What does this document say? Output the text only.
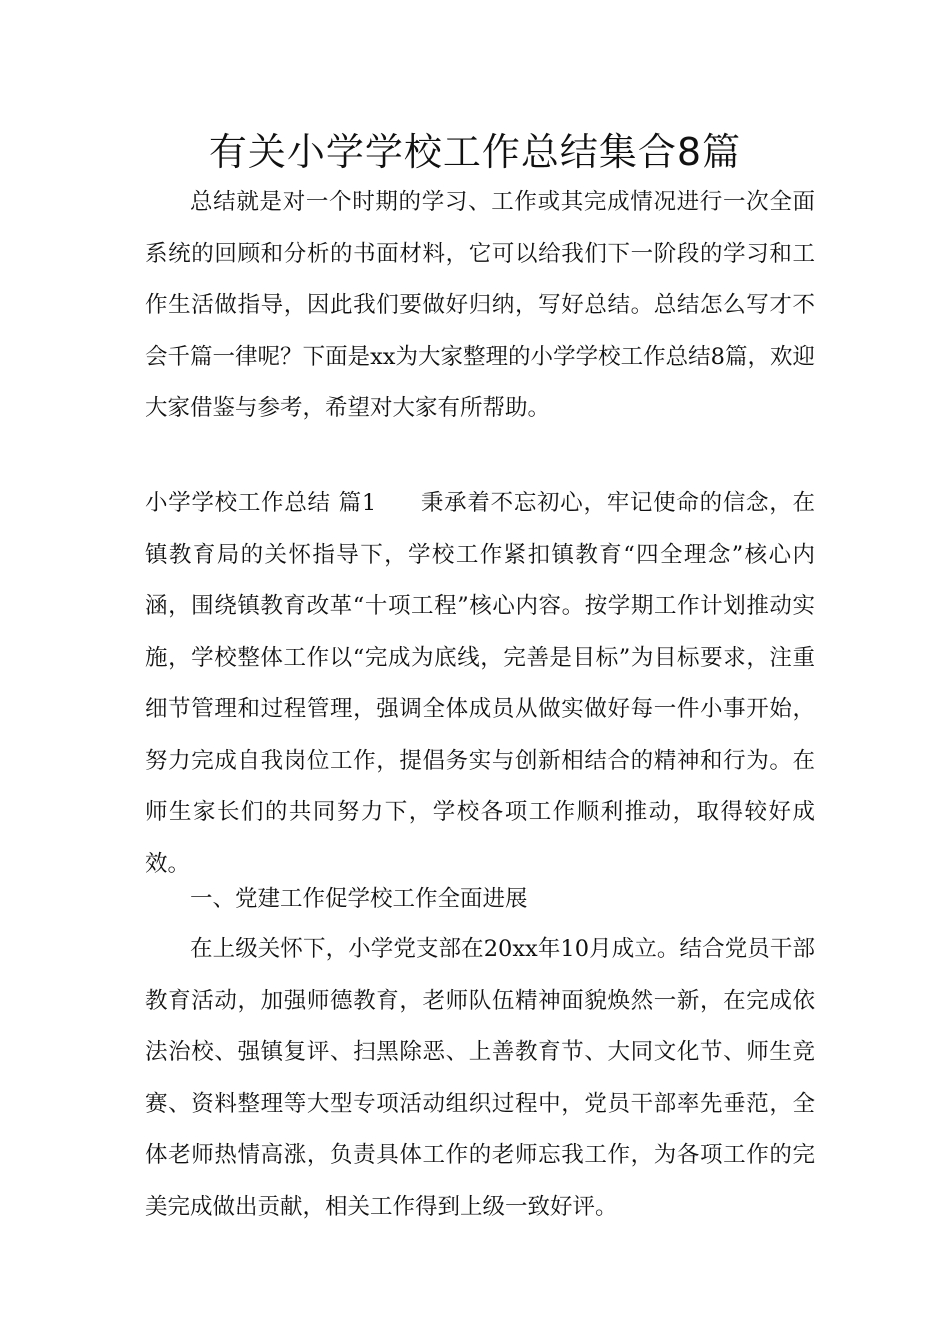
有关小学学校工作总结集合8篇

总结就是对一个时期的学习、工作或其完成情况进行一次全面系统的回顾和分析的书面材料，它可以给我们下一阶段的学习和工作生活做指导，因此我们要做好归纳，写好总结。总结怎么写才不会千篇一律呢？下面是xx为大家整理的小学学校工作总结8篇，欢迎大家借鉴与参考，希望对大家有所帮助。

小学学校工作总结 篇1 秉承着不忘初心，牢记使命的信念，在镇教育局的关怀指导下，学校工作紧扣镇教育“四全理念”核心内涵，围绕镇教育改革“十项工程”核心内容。按学期工作计划推动实施，学校整体工作以“完成为底线，完善是目标”为目标要求，注重细节管理和过程管理，强调全体成员从做实做好每一件小事开始，努力完成自我岗位工作，提倡务实与创新相结合的精神和行为。在师生家长们的共同努力下，学校各项工作顺利推动，取得较好成效。

一、党建工作促学校工作全面进展

在上级关怀下，小学党支部在20xx年10月成立。结合党员干部教育活动，加强师德教育，老师队伍精神面貌焕然一新，在完成依法治校、强镇复评、扫黑除恶、上善教育节、大同文化节、师生竞赛、资料整理等大型专项活动组织过程中，党员干部率先垂范，全体老师热情高涨，负责具体工作的老师忘我工作，为各项工作的完美完成做出贡献，相关工作得到上级一致好评。
